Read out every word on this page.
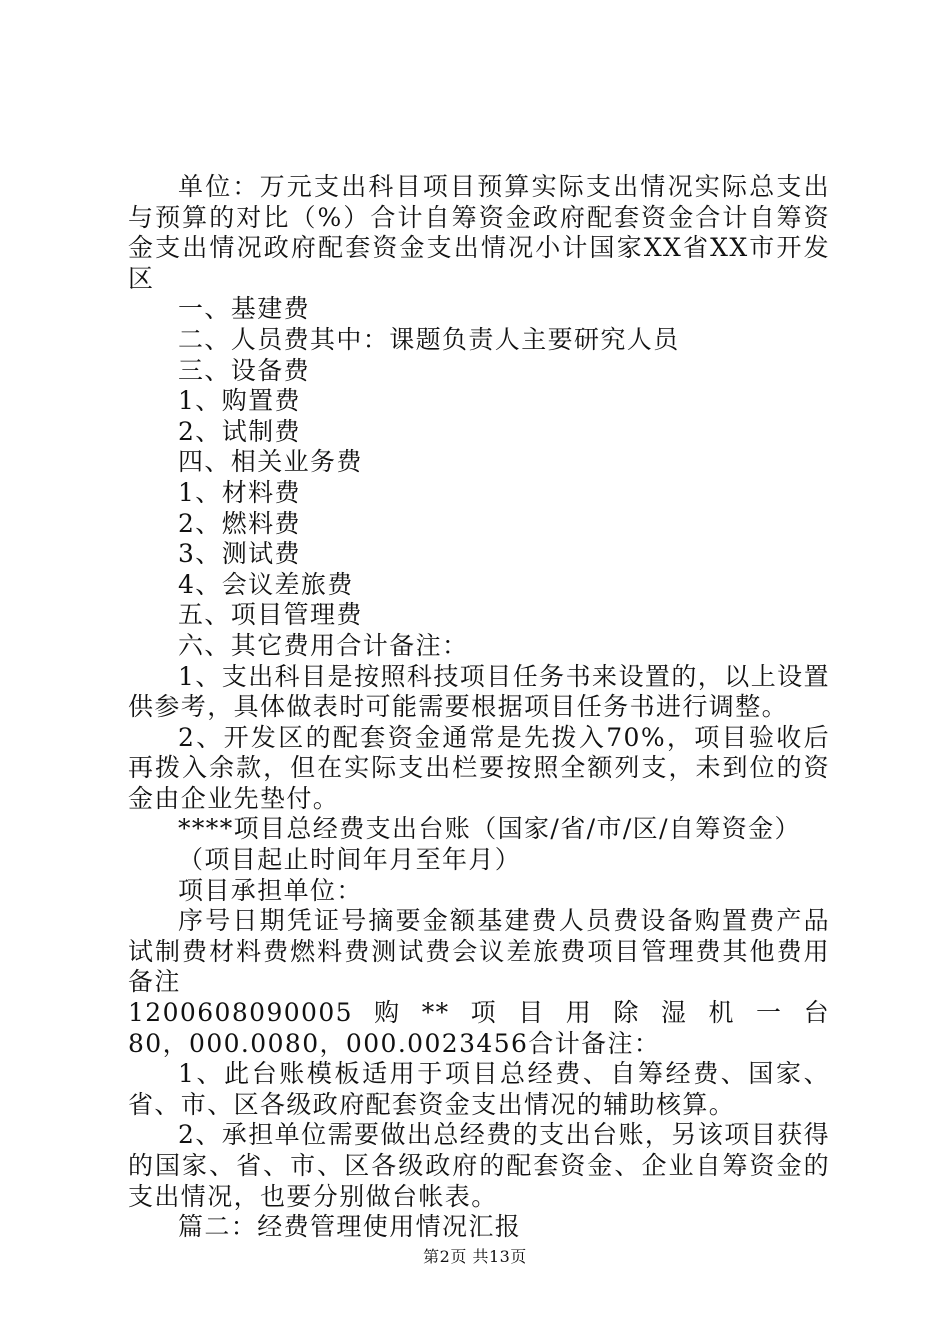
单位：万元支出科目项目预算实际支出情况实际总支出与预算的对比（%）合计自筹资金政府配套资金合计自筹资金支出情况政府配套资金支出情况小计国家XX省XX市开发区

一、基建费

二、人员费其中：课题负责人主要研究人员

三、设备费

1、购置费

2、试制费

四、相关业务费

1、材料费

2、燃料费

3、测试费

4、会议差旅费

五、项目管理费

六、其它费用合计备注：

1、支出科目是按照科技项目任务书来设置的，以上设置供参考，具体做表时可能需要根据项目任务书进行调整。

2、开发区的配套资金通常是先拨入70%，项目验收后再拨入余款，但在实际支出栏要按照全额列支，未到位的资金由企业先垫付。

****项目总经费支出台账（国家/省/市/区/自筹资金）

（项目起止时间年月至年月）

项目承担单位：

序号日期凭证号摘要金额基建费人员费设备购置费产品试制费材料费燃料费测试费会议差旅费项目管理费其他费用备注

1200608090005购**项目用除湿机一台

80，000.0080，000.0023456合计备注：

1、此台账模板适用于项目总经费、自筹经费、国家、省、市、区各级政府配套资金支出情况的辅助核算。

2、承担单位需要做出总经费的支出台账，另该项目获得的国家、省、市、区各级政府的配套资金、企业自筹资金的支出情况，也要分别做台帐表。

篇二：经费管理使用情况汇报

第2页 共13页
